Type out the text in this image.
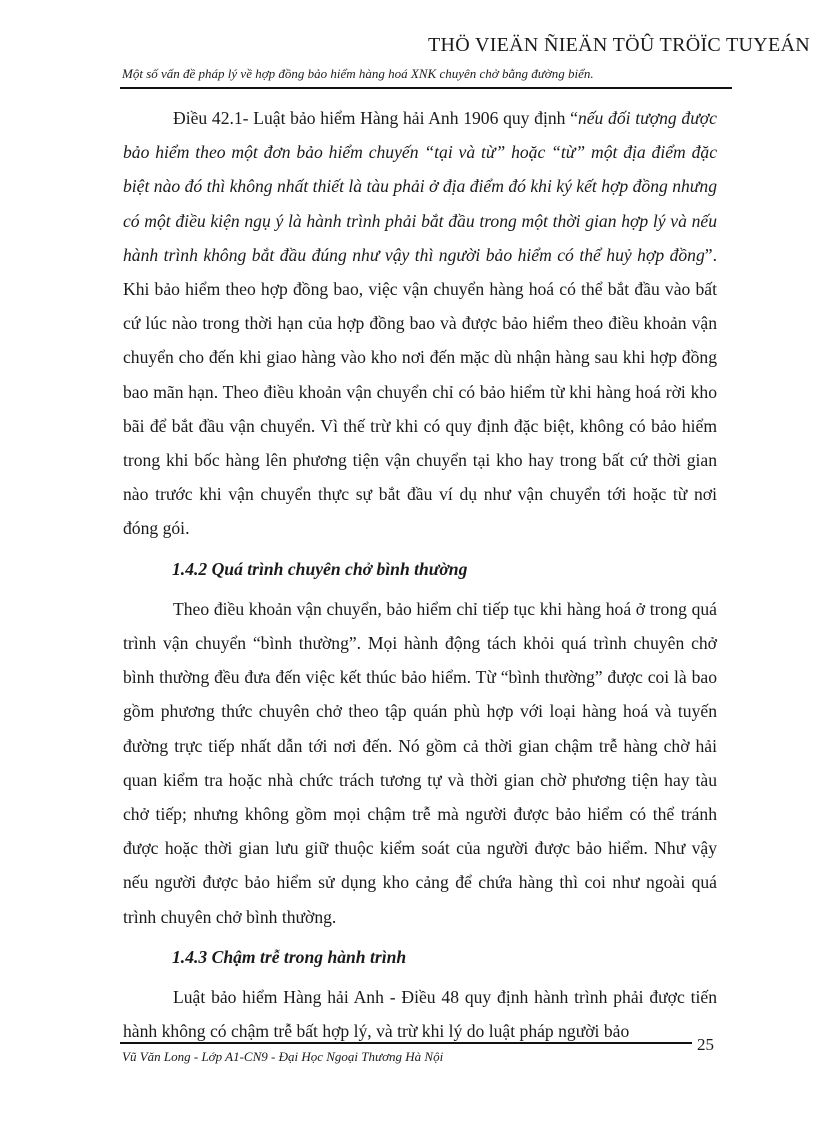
THÖ VIEÄN ÑIEÄN TÖÛ TRÖÏC TUYEÁN
Một số vấn đề pháp lý về hợp đồng bảo hiểm hàng hoá XNK chuyên chở bằng đường biển.

Điều 42.1- Luật bảo hiểm Hàng hải Anh 1906 quy định “nếu đối tượng được bảo hiểm theo một đơn bảo hiểm chuyến “tại và từ” hoặc “từ” một địa điểm đặc biệt nào đó thì không nhất thiết là tàu phải ở địa điểm đó khi ký kết hợp đồng nhưng có một điều kiện ngụ ý là hành trình phải bắt đầu trong một thời gian hợp lý và nếu hành trình không bắt đầu đúng như vậy thì người bảo hiểm có thể huỷ hợp đồng”. Khi bảo hiểm theo hợp đồng bao, việc vận chuyển hàng hoá có thể bắt đầu vào bất cứ lúc nào trong thời hạn của hợp đồng bao và được bảo hiểm theo điều khoản vận chuyển cho đến khi giao hàng vào kho nơi đến mặc dù nhận hàng sau khi hợp đồng bao mãn hạn. Theo điều khoản vận chuyển chỉ có bảo hiểm từ khi hàng hoá rời kho bãi để bắt đầu vận chuyển. Vì thế trừ khi có quy định đặc biệt, không có bảo hiểm trong khi bốc hàng lên phương tiện vận chuyển tại kho hay trong bất cứ thời gian nào trước khi vận chuyển thực sự bắt đầu ví dụ như vận chuyển tới hoặc từ nơi đóng gói.

1.4.2 Quá trình chuyên chở bình thường

Theo điều khoản vận chuyển, bảo hiểm chỉ tiếp tục khi hàng hoá ở trong quá trình vận chuyển “bình thường”. Mọi hành động tách khỏi quá trình chuyên chở bình thường đều đưa đến việc kết thúc bảo hiểm. Từ “bình thường” được coi là bao gồm phương thức chuyên chở theo tập quán phù hợp với loại hàng hoá và tuyến đường trực tiếp nhất dẫn tới nơi đến. Nó gồm cả thời gian chậm trễ hàng chờ hải quan kiểm tra hoặc nhà chức trách tương tự và thời gian chờ phương tiện hay tàu chở tiếp; nhưng không gồm mọi chậm trễ mà người được bảo hiểm có thể tránh được hoặc thời gian lưu giữ thuộc kiểm soát của người được bảo hiểm. Như vậy nếu người được bảo hiểm sử dụng kho cảng để chứa hàng thì coi như ngoài quá trình chuyên chở bình thường.

1.4.3 Chậm trễ trong hành trình

Luật bảo hiểm Hàng hải Anh - Điều 48 quy định hành trình phải được tiến hành không có chậm trễ bất hợp lý, và trừ khi lý do luật pháp người bảo

25
Vũ Văn Long - Lớp A1-CN9 - Đại Học Ngoại Thương Hà Nội
